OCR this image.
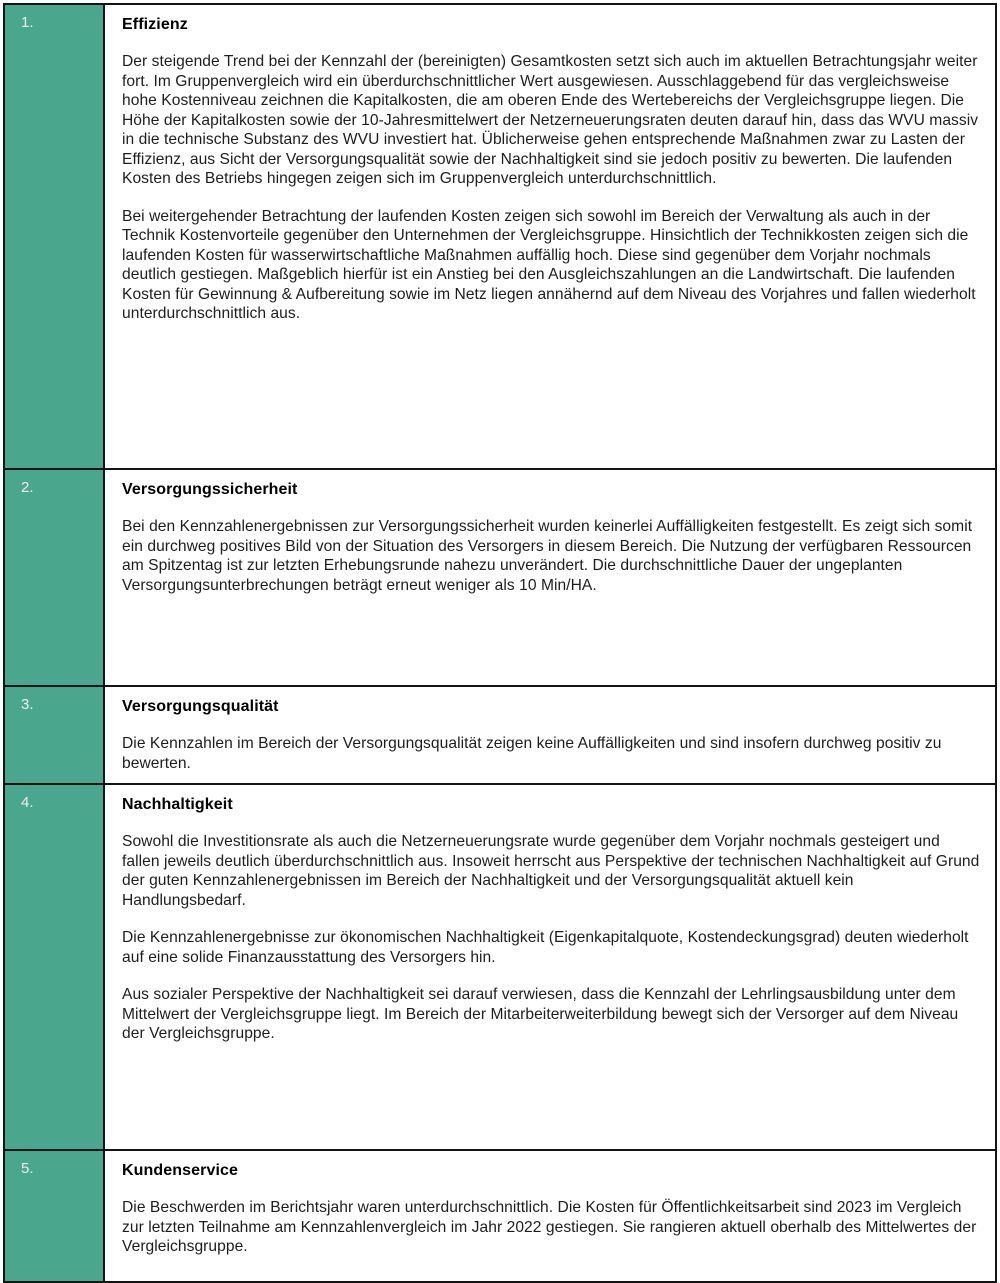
1.	Effizienz

Der steigende Trend bei der Kennzahl der (bereinigten) Gesamtkosten setzt sich auch im aktuellen Betrachtungsjahr weiter fort. Im Gruppenvergleich wird ein überdurchschnittlicher Wert ausgewiesen. Ausschlaggebend für das vergleichsweise hohe Kostenniveau zeichnen die Kapitalkosten, die am oberen Ende des Wertebereichs der Vergleichsgruppe liegen. Die Höhe der Kapitalkosten sowie der 10-Jahresmittelwert der Netzerneuerungsraten deuten darauf hin, dass das WVU massiv in die technische Substanz des WVU investiert hat. Üblicherweise gehen entsprechende Maßnahmen zwar zu Lasten der Effizienz, aus Sicht der Versorgungsqualität sowie der Nachhaltigkeit sind sie jedoch positiv zu bewerten. Die laufenden Kosten des Betriebs hingegen zeigen sich im Gruppenvergleich unterdurchschnittlich.

Bei weitergehender Betrachtung der laufenden Kosten zeigen sich sowohl im Bereich der Verwaltung als auch in der Technik Kostenvorteile gegenüber den Unternehmen der Vergleichsgruppe. Hinsichtlich der Technikkosten zeigen sich die laufenden Kosten für wasserwirtschaftliche Maßnahmen auffällig hoch. Diese sind gegenüber dem Vorjahr nochmals deutlich gestiegen. Maßgeblich hierfür ist ein Anstieg bei den Ausgleichszahlungen an die Landwirtschaft. Die laufenden Kosten für Gewinnung & Aufbereitung sowie im Netz liegen annähernd auf dem Niveau des Vorjahres und fallen wiederholt unterdurchschnittlich aus.

2.	Versorgungssicherheit

Bei den Kennzahlenergebnissen zur Versorgungssicherheit wurden keinerlei Auffälligkeiten festgestellt. Es zeigt sich somit ein durchweg positives Bild von der Situation des Versorgers in diesem Bereich. Die Nutzung der verfügbaren Ressourcen am Spitzentag ist zur letzten Erhebungsrunde nahezu unverändert. Die durchschnittliche Dauer der ungeplanten Versorgungsunterbrechungen beträgt erneut weniger als 10 Min/HA.

3.	Versorgungsqualität

Die Kennzahlen im Bereich der Versorgungsqualität zeigen keine Auffälligkeiten und sind insofern durchweg positiv zu bewerten.

4.	Nachhaltigkeit

Sowohl die Investitionsrate als auch die Netzerneuerungsrate wurde gegenüber dem Vorjahr nochmals gesteigert und fallen jeweils deutlich überdurchschnittlich aus. Insoweit herrscht aus Perspektive der technischen Nachhaltigkeit auf Grund der guten Kennzahlenergebnissen im Bereich der Nachhaltigkeit und der Versorgungsqualität aktuell kein Handlungsbedarf.

Die Kennzahlenergebnisse zur ökonomischen Nachhaltigkeit (Eigenkapitalquote, Kostendeckungsgrad) deuten wiederholt auf eine solide Finanzausstattung des Versorgers hin.

Aus sozialer Perspektive der Nachhaltigkeit sei darauf verwiesen, dass die Kennzahl der Lehrlingsausbildung unter dem Mittelwert der Vergleichsgruppe liegt. Im Bereich der Mitarbeiterweiterbildung bewegt sich der Versorger auf dem Niveau der Vergleichsgruppe.

5.	Kundenservice

Die Beschwerden im Berichtsjahr waren unterdurchschnittlich. Die Kosten für Öffentlichkeitsarbeit sind 2023 im Vergleich zur letzten Teilnahme am Kennzahlenvergleich im Jahr 2022 gestiegen. Sie rangieren aktuell oberhalb des Mittelwertes der Vergleichsgruppe.
